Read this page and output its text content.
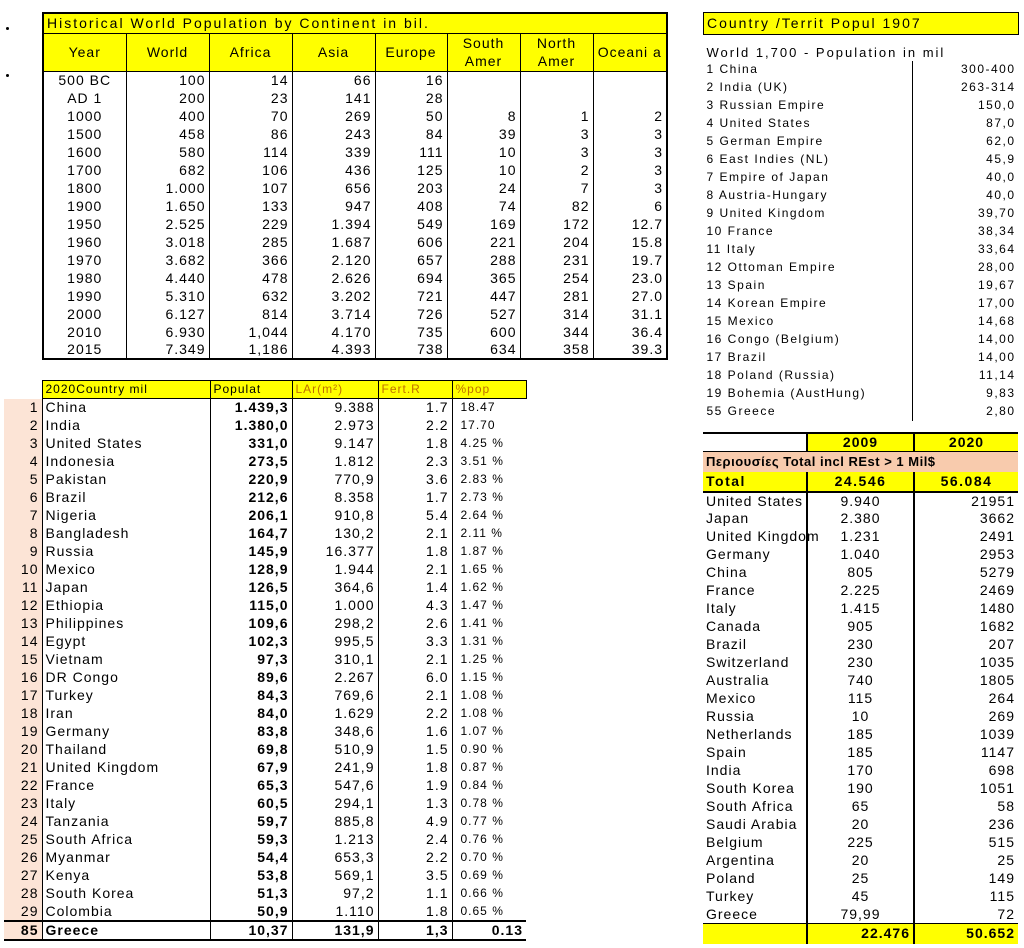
Historical World Population by Continent in bil.							
Year	World	Africa	Asia	Europe	South Amer	North Amer	Oceani a
500 BC	100	14	66	16			
AD 1	200	23	141	28			
1000	400	70	269	50	8	1	2
1500	458	86	243	84	39	3	3
1600	580	114	339	111	10	3	3
1700	682	106	436	125	10	2	3
1800	1.000	107	656	203	24	7	3
1900	1.650	133	947	408	74	82	6
1950	2.525	229	1.394	549	169	172	12.7
1960	3.018	285	1.687	606	221	204	15.8
1970	3.682	366	2.120	657	288	231	19.7
1980	4.440	478	2.626	694	365	254	23.0
1990	5.310	632	3.202	721	447	281	27.0
2000	6.127	814	3.714	726	527	314	31.1
2010	6.930	1,044	4.170	735	600	344	36.4
2015	7.349	1,186	4.393	738	634	358	39.3
	2020Country mil	Populat	LAr(m²)	Fert.R	%pop
1	China	1.439,3	9.388	1.7	18.47
2	India	1.380,0	2.973	2.2	17.70
3	United States	331,0	9.147	1.8	4.25 %
4	Indonesia	273,5	1.812	2.3	3.51 %
5	Pakistan	220,9	770,9	3.6	2.83 %
6	Brazil	212,6	8.358	1.7	2.73 %
7	Nigeria	206,1	910,8	5.4	2.64 %
8	Bangladesh	164,7	130,2	2.1	2.11 %
9	Russia	145,9	16.377	1.8	1.87 %
10	Mexico	128,9	1.944	2.1	1.65 %
11	Japan	126,5	364,6	1.4	1.62 %
12	Ethiopia	115,0	1.000	4.3	1.47 %
13	Philippines	109,6	298,2	2.6	1.41 %
14	Egypt	102,3	995,5	3.3	1.31 %
15	Vietnam	97,3	310,1	2.1	1.25 %
16	DR Congo	89,6	2.267	6.0	1.15 %
17	Turkey	84,3	769,6	2.1	1.08 %
18	Iran	84,0	1.629	2.2	1.08 %
19	Germany	83,8	348,6	1.6	1.07 %
20	Thailand	69,8	510,9	1.5	0.90 %
21	United Kingdom	67,9	241,9	1.8	0.87 %
22	France	65,3	547,6	1.9	0.84 %
23	Italy	60,5	294,1	1.3	0.78 %
24	Tanzania	59,7	885,8	4.9	0.77 %
25	South Africa	59,3	1.213	2.4	0.76 %
26	Myanmar	54,4	653,3	2.2	0.70 %
27	Kenya	53,8	569,1	3.5	0.69 %
28	South Korea	51,3	97,2	1.1	0.66 %
29	Colombia	50,9	1.110	1.8	0.65 %
85	Greece	10,37	131,9	1,3	0.13
Country /Territ Popul 1907	
World 1,700 - Population in mil	
1 China	300-400
2 India (UK)	263-314
3 Russian Empire	150,0
4 United States	87,0
5 German Empire	62,0
6 East Indies (NL)	45,9
7 Empire of Japan	40,0
8 Austria-Hungary	40,0
9 United Kingdom	39,70
10 France	38,34
11 Italy	33,64
12 Ottoman Empire	28,00
13 Spain	19,67
14 Korean Empire	17,00
15 Mexico	14,68
16 Congo (Belgium)	14,00
17 Brazil	14,00
18 Poland (Russia)	11,14
19 Bohemia (AustHung)	9,83
55 Greece	2,80
	2009	2020
Περιουσίες Total incl REst > 1 Mil$		
Total	24.546	56.084
United States	9.940	21951
Japan	2.380	3662
United Kingdom	1.231	2491
Germany	1.040	2953
China	805	5279
France	2.225	2469
Italy	1.415	1480
Canada	905	1682
Brazil	230	207
Switzerland	230	1035
Australia	740	1805
Mexico	115	264
Russia	10	269
Netherlands	185	1039
Spain	185	1147
India	170	698
South Korea	190	1051
South Africa	65	58
Saudi Arabia	20	236
Belgium	225	515
Argentina	20	25
Poland	25	149
Turkey	45	115
Greece	79,99	72
	22.476	50.652
